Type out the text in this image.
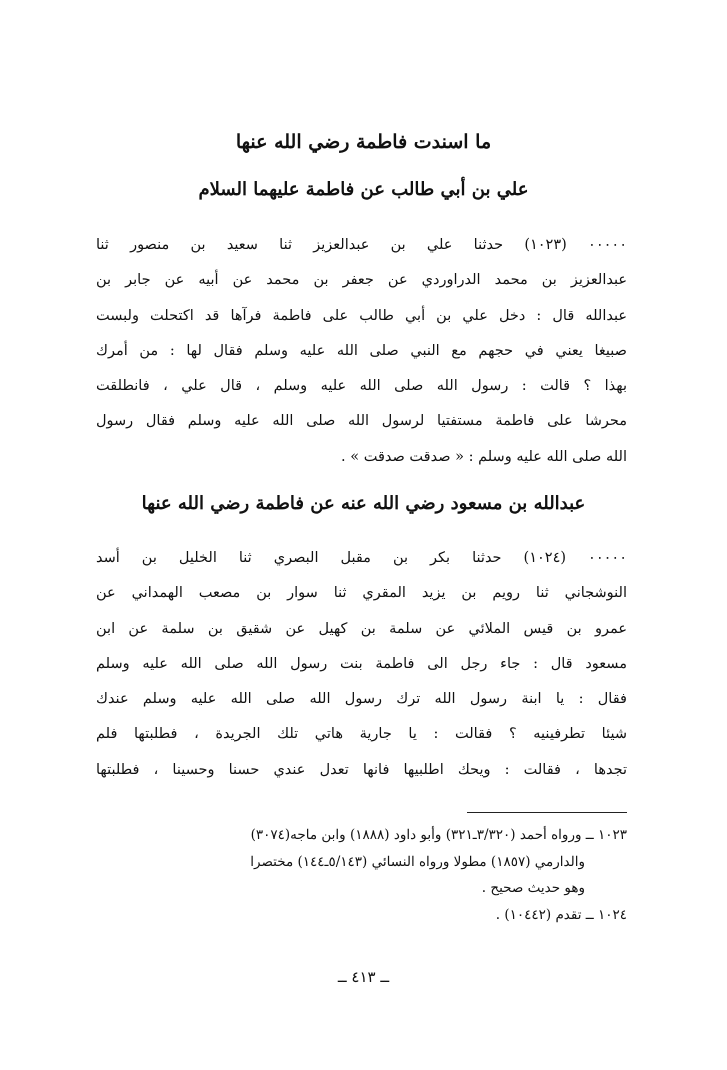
ما اسندت فاطمة رضي الله عنها
علي بن أبي طالب عن فاطمة عليهما السلام
٠٠٠٠٠ (١٠٢٣) حدثنا علي بن عبدالعزيز ثنا سعيد بن منصور ثنا
عبدالعزيز بن محمد الدراوردي عن جعفر بن محمد عن أبيه عن جابر بن
عبدالله قال : دخل علي بن أبي طالب على فاطمة فرآها قد اكتحلت ولبست
صبيغا يعني في حجهم مع النبي صلى الله عليه وسلم فقال لها : من أمرك
بهذا ؟ قالت : رسول الله صلى الله عليه وسلم ، قال علي ، فانطلقت
محرشا على فاطمة مستفتيا لرسول الله صلى الله عليه وسلم فقال رسول
الله صلى الله عليه وسلم : « صدقت صدقت » .
عبدالله بن مسعود رضي الله عنه عن فاطمة رضي الله عنها
٠٠٠٠٠ (١٠٢٤) حدثنا بكر بن مقبل البصري ثنا الخليل بن أسد
النوشجاني ثنا رويم بن يزيد المقري ثنا سوار بن مصعب الهمداني عن
عمرو بن قيس الملائي عن سلمة بن كهيل عن شقيق بن سلمة عن ابن
مسعود قال : جاء رجل الى فاطمة بنت رسول الله صلى الله عليه وسلم
فقال : يا ابنة رسول الله ترك رسول الله صلى الله عليه وسلم عندك
شيئا تطرفينيه ؟ فقالت : يا جارية هاتي تلك الجريدة ، فطلبتها فلم
تجدها ، فقالت : ويحك اطلبيها فانها تعدل عندي حسنا وحسينا ، فطلبتها
١٠٢٣ ــ ورواه أحمد (٣/٣٢٠ـ٣٢١) وأبو داود (١٨٨٨) وابن ماجه(٣٠٧٤)
والدارمي (١٨٥٧) مطولا ورواه النسائي (٥/١٤٣ـ١٤٤) مختصرا
وهو حديث صحيح .
١٠٢٤ ــ تقدم (١٠٤٤٢) .
ــ ٤١٣ ــ
